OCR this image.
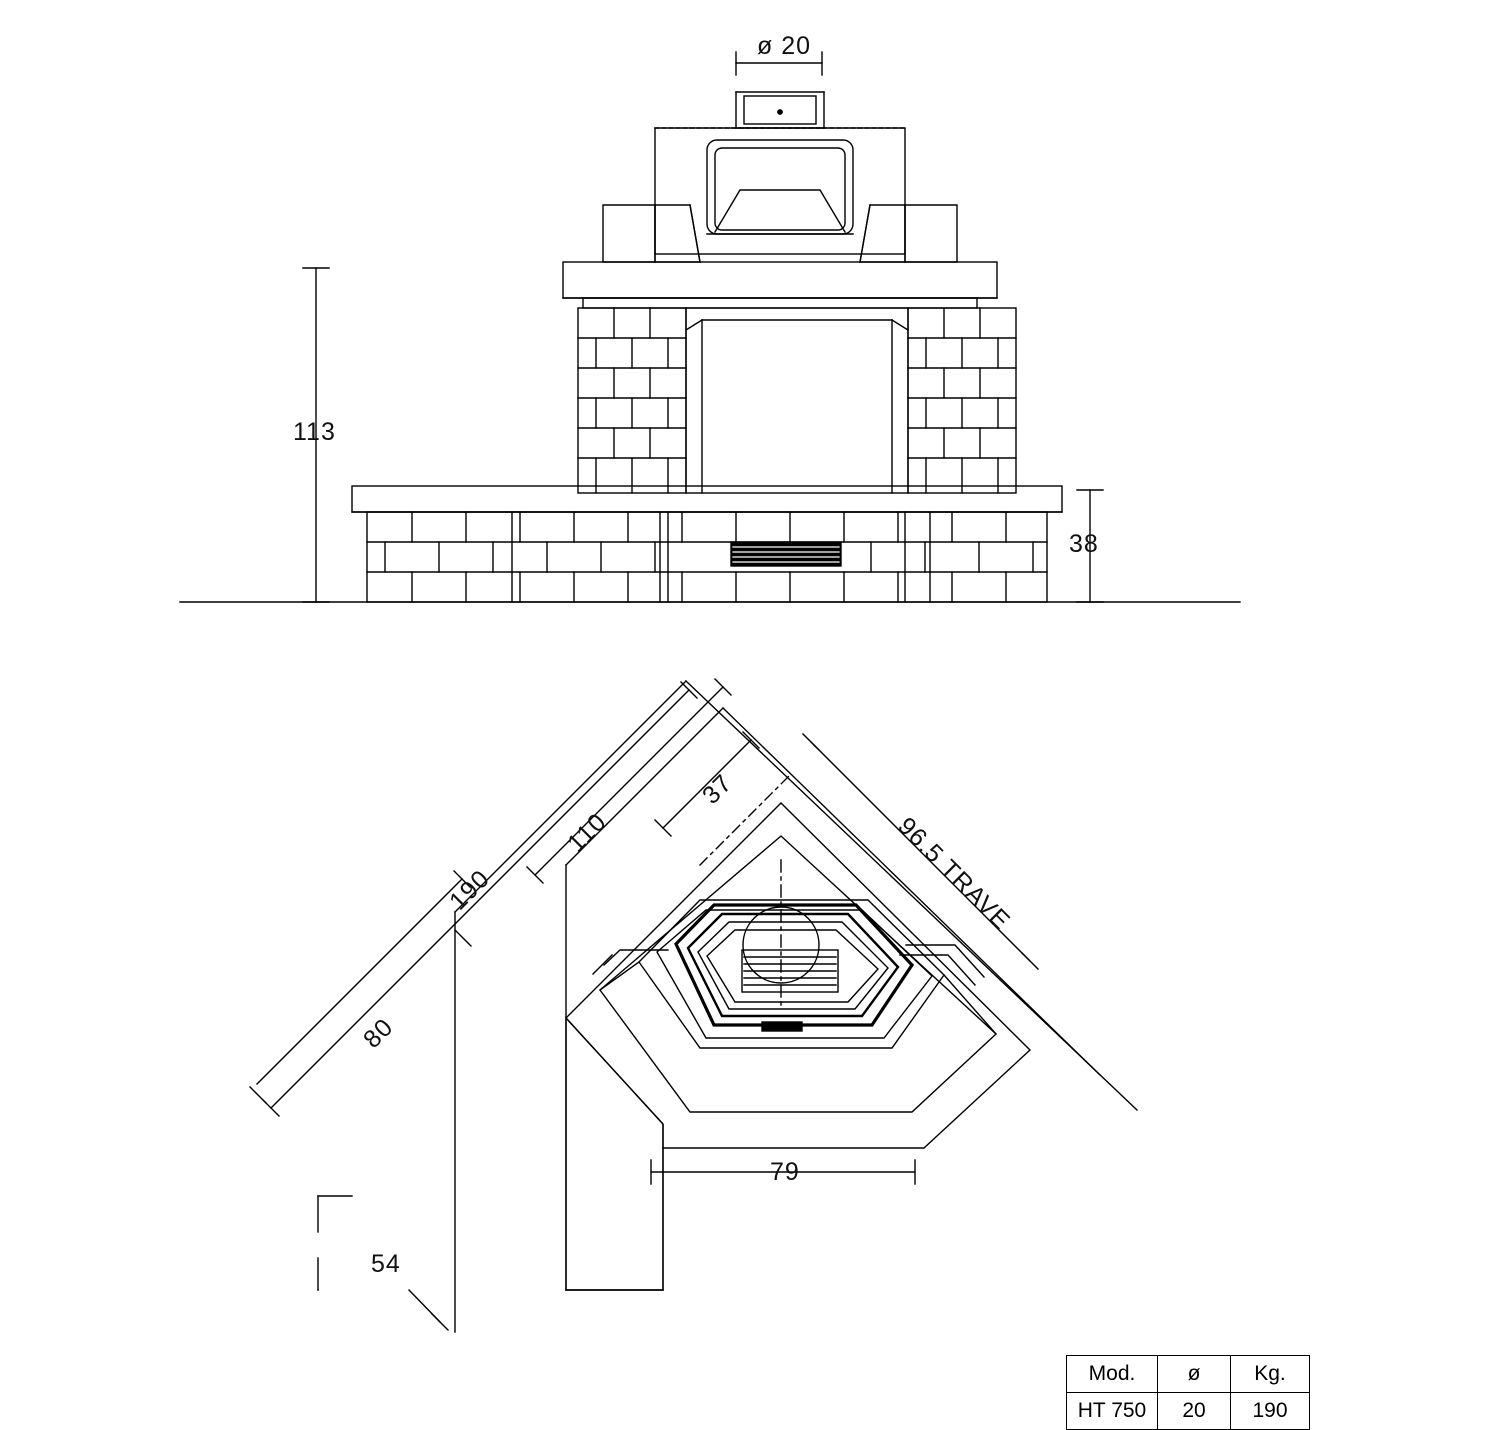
ø 20
113
38
37
110
190
80
96.5 TRAVE
79
54
Mod.	ø	Kg.
HT 750	20	190
